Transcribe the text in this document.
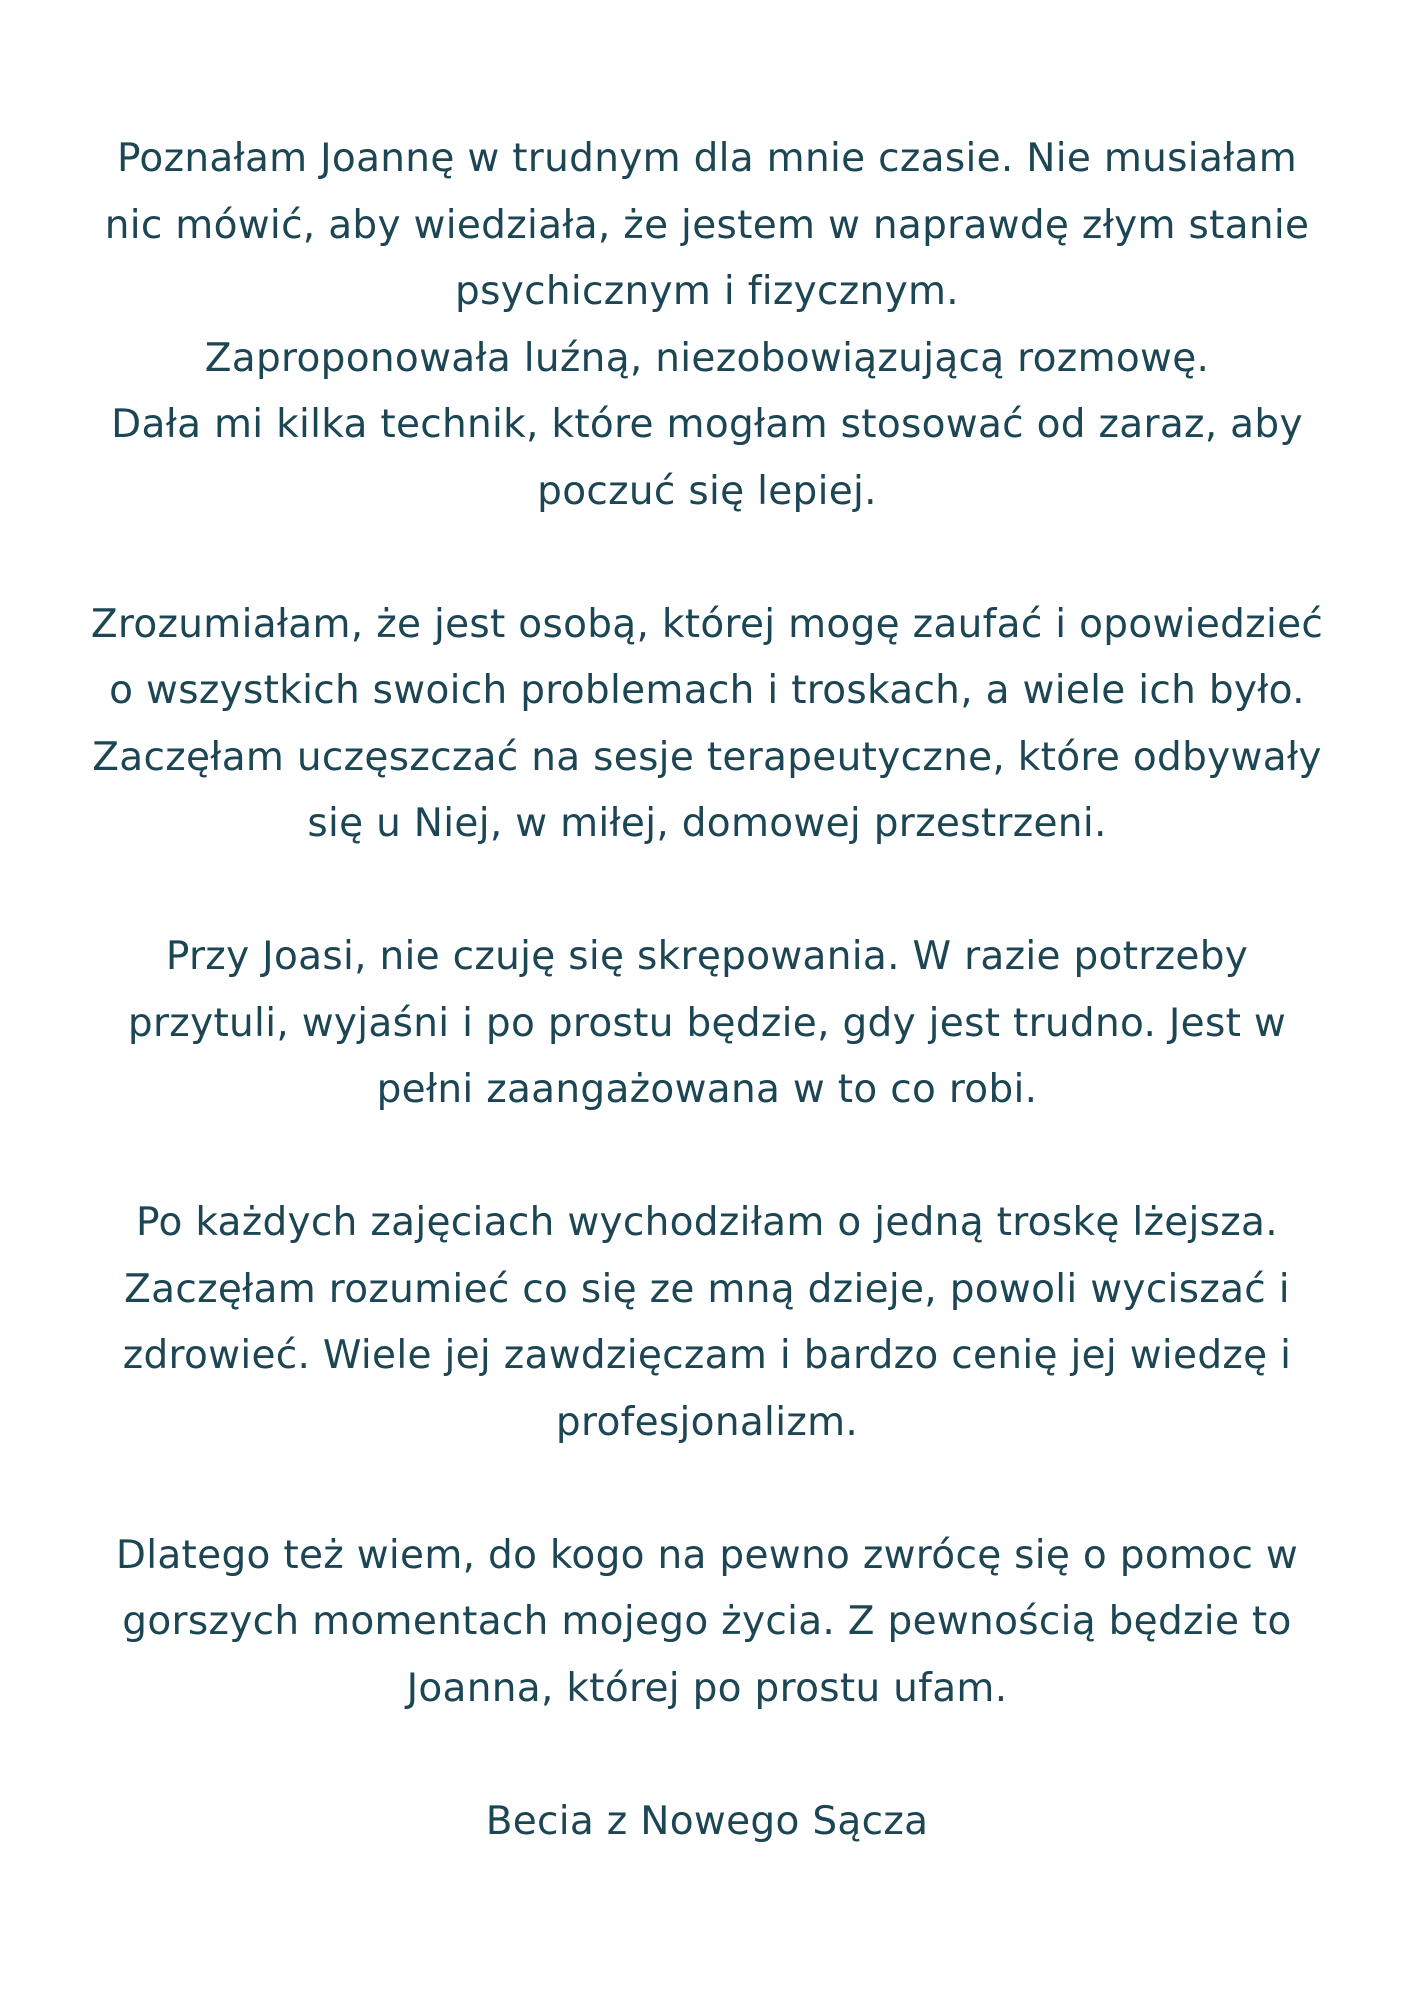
Poznałam Joannę w trudnym dla mnie czasie. Nie musiałam
nic mówić, aby wiedziała, że jestem w naprawdę złym stanie
psychicznym i fizycznym.
Zaproponowała luźną, niezobowiązującą rozmowę.
Dała mi kilka technik, które mogłam stosować od zaraz, aby
poczuć się lepiej.

Zrozumiałam, że jest osobą, której mogę zaufać i opowiedzieć
o wszystkich swoich problemach i troskach, a wiele ich było.
Zaczęłam uczęszczać na sesje terapeutyczne, które odbywały
się u Niej, w miłej, domowej przestrzeni.

Przy Joasi, nie czuję się skrępowania. W razie potrzeby
przytuli, wyjaśni i po prostu będzie, gdy jest trudno. Jest w
pełni zaangażowana w to co robi.

Po każdych zajęciach wychodziłam o jedną troskę lżejsza.
Zaczęłam rozumieć co się ze mną dzieje, powoli wyciszać i
zdrowieć. Wiele jej zawdzięczam i bardzo cenię jej wiedzę i
profesjonalizm.

Dlatego też wiem, do kogo na pewno zwrócę się o pomoc w
gorszych momentach mojego życia. Z pewnością będzie to
Joanna, której po prostu ufam.

Becia z Nowego Sącza
